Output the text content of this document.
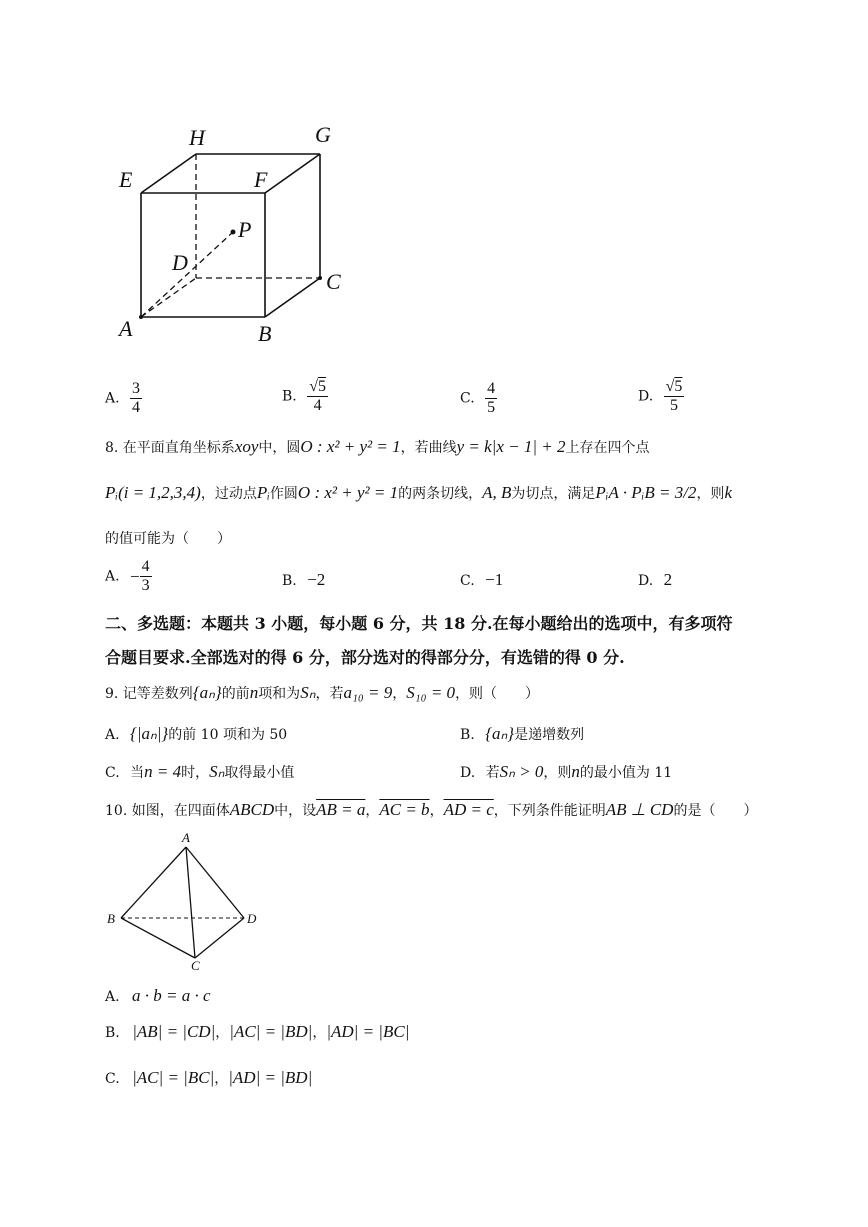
H	G
E	F
P
D
C
A	B
A. $\frac{3}{4}$	B. $\frac{√5}{4}$	C. $\frac{4}{5}$	D. $\frac{√5}{5}$
8. 在平面直角坐标系xoy中，圆O : x² + y² = 1，若曲线y = k|x − 1| + 2上存在四个点
Pᵢ(i = 1,2,3,4)，过动点Pᵢ作圆O : x² + y² = 1的两条切线，A, B为切点，满足PᵢA · PᵢB = 3/2，则k
的值可能为（　　）
A. − $\frac{4}{3}$	B. −2	C. −1	D. 2
二、多选题：本题共 3 小题，每小题 6 分，共 18 分.在每小题给出的选项中，有多项符
合题目要求.全部选对的得 6 分，部分选对的得部分分，有选错的得 0 分.
9. 记等差数列{aₙ}的前n项和为Sₙ，若a₁₀ = 9，S₁₀ = 0，则（　　）
A. {|aₙ|}的前 10 项和为 50	B. {aₙ}是递增数列
C. 当n = 4时，Sₙ取得最小值	D. 若Sₙ > 0，则n的最小值为 11
10. 如图，在四面体ABCD中，设AB = a，AC = b，AD = c，下列条件能证明AB ⊥ CD的是（　　）
A
B
C
D
A. a · b = a · c
B. |AB| = |CD|，|AC| = |BD|，|AD| = |BC|
C. |AC| = |BC|，|AD| = |BD|
